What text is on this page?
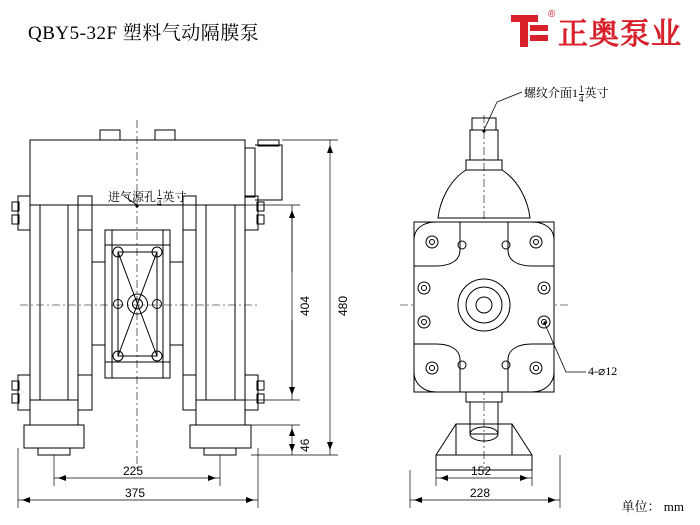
QBY5-32F 塑料气动隔膜泵
®
正奥泵业
进气源孔 $\frac{1}{4}$ 英寸
螺纹介面$1 \frac{1}{4}$ 英寸
4-⌀12
404 480
46
225
375
152
228
单位： mm
